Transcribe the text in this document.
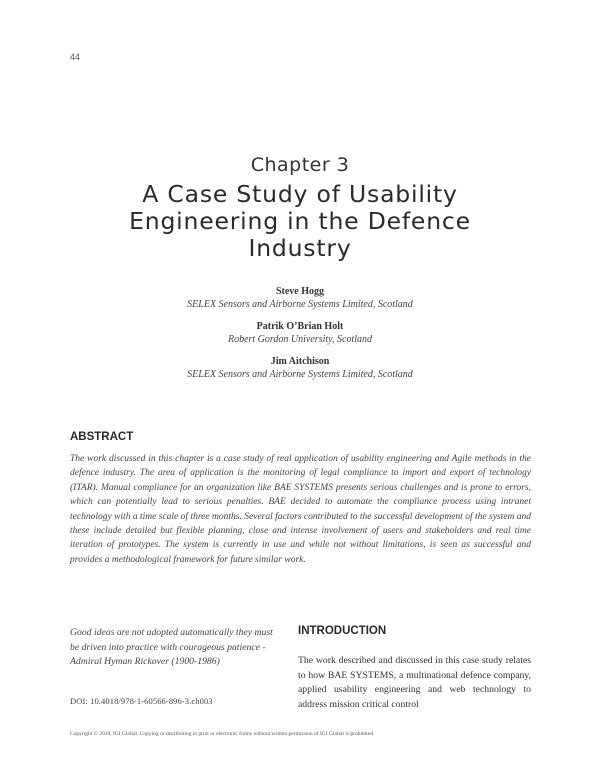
44
Chapter 3
A Case Study of Usability Engineering in the Defence Industry
Steve Hogg
SELEX Sensors and Airborne Systems Limited, Scotland
Patrik O’Brian Holt
Robert Gordon University, Scotland
Jim Aitchison
SELEX Sensors and Airborne Systems Limited, Scotland
ABSTRACT
The work discussed in this chapter is a case study of real application of usability engineering and Agile methods in the defence industry. The area of application is the monitoring of legal compliance to import and export of technology (ITAR). Manual compliance for an organization like BAE SYSTEMS presents serious challenges and is prone to errors, which can potentially lead to serious penalties. BAE decided to automate the compliance process using intranet technology with a time scale of three months. Several factors contributed to the successful development of the system and these include detailed but flexible planning, close and intense involvement of users and stakeholders and real time iteration of prototypes. The system is currently in use and while not without limitations, is seen as successful and provides a methodological framework for future similar work.
Good ideas are not adopted automatically they must be driven into practice with courageous patience -Admiral Hyman Rickover (1900-1986)
DOI: 10.4018/978-1-60566-896-3.ch003
INTRODUCTION
The work described and discussed in this case study relates to how BAE SYSTEMS, a multinational defence company, applied usability engineering and web technology to address mission critical control
Copyright © 2010, IGI Global. Copying or distributing in print or electronic forms without written permission of IGI Global is prohibited.
